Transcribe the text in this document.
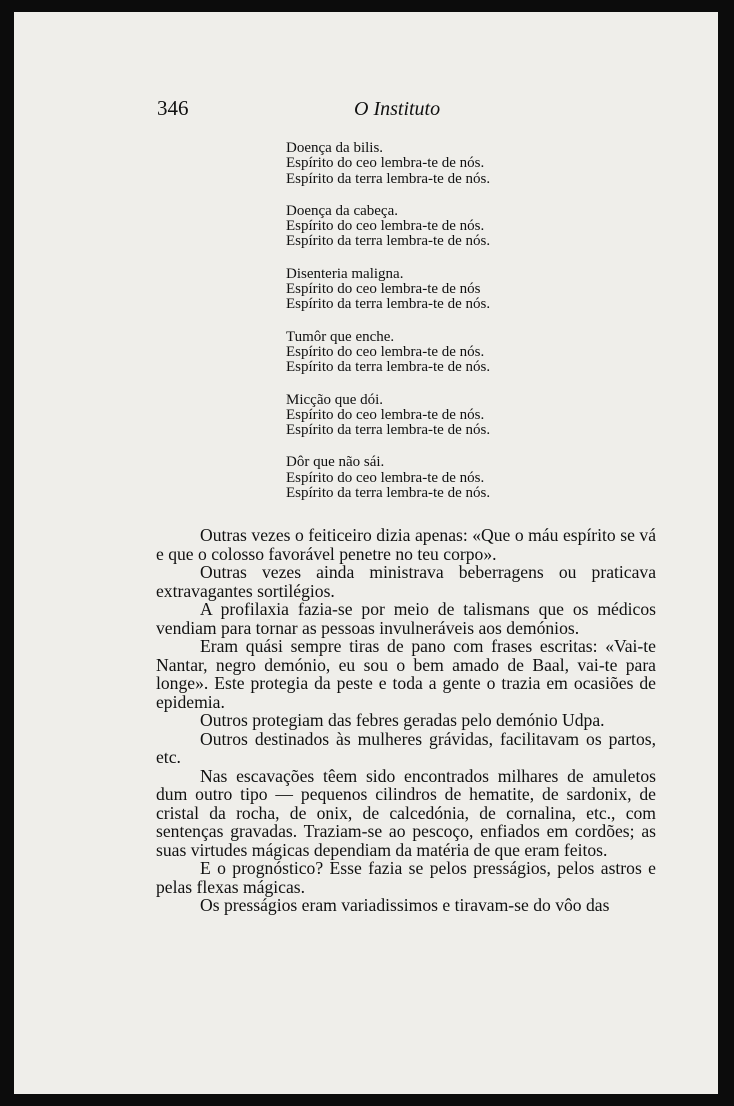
346	O Instituto
Doença da bilis.
Espírito do ceo lembra-te de nós.
Espírito da terra lembra-te de nós.
Doença da cabeça.
Espírito do ceo lembra-te de nós.
Espírito da terra lembra-te de nós.
Disenteria maligna.
Espírito do ceo lembra-te de nós
Espírito da terra lembra-te de nós.
Tumôr que enche.
Espírito do ceo lembra-te de nós.
Espírito da terra lembra-te de nós.
Micção que dói.
Espírito do ceo lembra-te de nós.
Espírito da terra lembra-te de nós.
Dôr que não sái.
Espírito do ceo lembra-te de nós.
Espírito da terra lembra-te de nós.

Outras vezes o feiticeiro dizia apenas: «Que o máu espírito se vá e que o colosso favorável penetre no teu corpo».

Outras vezes ainda ministrava beberragens ou praticava extravagantes sortilégios.

A profilaxia fazia-se por meio de talismans que os médicos vendiam para tornar as pessoas invulneráveis aos demónios.

Eram quási sempre tiras de pano com frases escritas: «Vai-te Nantar, negro demónio, eu sou o bem amado de Baal, vai-te para longe». Este protegia da peste e toda a gente o trazia em ocasiões de epidemia.

Outros protegiam das febres geradas pelo demónio Udpa.

Outros destinados às mulheres grávidas, facilitavam os partos, etc.

Nas escavações têem sido encontrados milhares de amuletos dum outro tipo — pequenos cilindros de hematite, de sardonix, de cristal da rocha, de onix, de calcedónia, de cornalina, etc., com sentenças gravadas. Traziam-se ao pescoço, enfiados em cordões; as suas virtudes mágicas dependiam da matéria de que eram feitos.

E o prognóstico? Esse fazia se pelos presságios, pelos astros e pelas flexas mágicas.

Os presságios eram variadissimos e tiravam-se do vôo das
